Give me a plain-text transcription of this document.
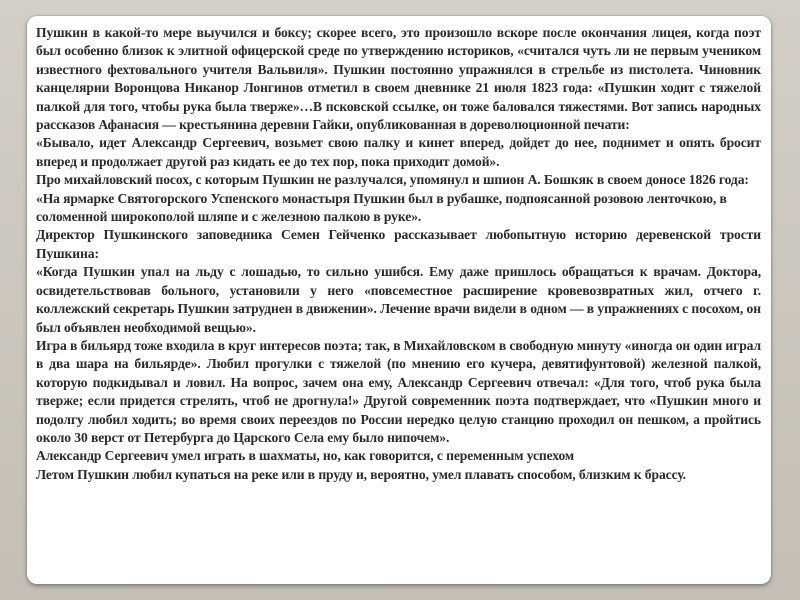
Пушкин в какой-то мере выучился и боксу; скорее всего, это произошло вскоре после окончания лицея, когда поэт был особенно близок к элитной офицерской среде по утверждению историков, «считался чуть ли не первым учеником известного фехтовального учителя Вальвиля». Пушкин постоянно упражнялся в стрельбе из пистолета. Чиновник канцелярии Воронцова Никанор Лонгинов отметил в своем дневнике 21 июля 1823 года: «Пушкин ходит с тяжелой палкой для того, чтобы рука была тверже»…В псковской ссылке, он тоже баловался тяжестями. Вот запись народных рассказов Афанасия — крестьянина деревни Гайки, опубликованная в дореволюционной печати:

«Бывало, идет Александр Сергеевич, возьмет свою палку и кинет вперед, дойдет до нее, поднимет и опять бросит вперед и продолжает другой раз кидать ее до тех пор, пока приходит домой».

Про михайловский посох, с которым Пушкин не разлучался, упомянул и шпион А. Бошкяк в своем доносе 1826 года:

«На ярмарке Святогорского Успенского монастыря Пушкин был в рубашке, подпоясанной розовою ленточкою, в соломенной широкополой шляпе и с железною палкою в руке».

Директор Пушкинского заповедника Семен Гейченко рассказывает любопытную историю деревенской трости Пушкина:

«Когда Пушкин упал на льду с лошадью, то сильно ушибся. Ему даже пришлось обращаться к врачам. Доктора, освидетельствовав больного, установили у него «повсеместное расширение кровевозвратных жил, отчего г. коллежский секретарь Пушкин затруднен в движении». Лечение врачи видели в одном — в упражнениях с посохом, он был объявлен необходимой вещью».

Игра в бильярд тоже входила в круг интересов поэта; так, в Михайловском в свободную минуту «иногда он один играл в два шара на бильярде». Любил прогулки с тяжелой (по мнению его кучера, девятифунтовой) железной палкой, которую подкидывал и ловил. На вопрос, зачем она ему, Александр Сергеевич отвечал: «Для того, чтоб рука была тверже; если придется стрелять, чтоб не дрогнула!» Другой современник поэта подтверждает, что «Пушкин много и подолгу любил ходить; во время своих переездов по России нередко целую станцию проходил он пешком, а пройтись около 30 верст от Петербурга до Царского Села ему было нипочем».

Александр Сергеевич умел играть в шахматы, но, как говорится, с переменным успехом

Летом Пушкин любил купаться на реке или в пруду и, вероятно, умел плавать способом, близким к брассу.
